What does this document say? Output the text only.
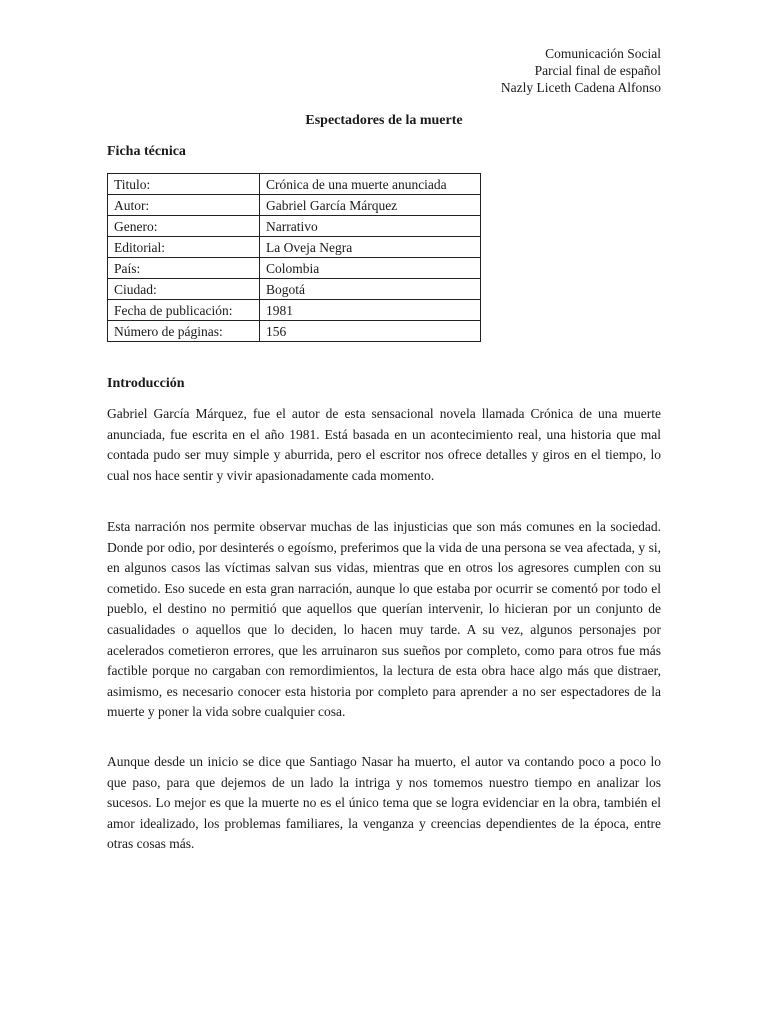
Comunicación Social
Parcial final de español
Nazly Liceth Cadena Alfonso
Espectadores de la muerte
Ficha técnica
Titulo:	Crónica de una muerte anunciada
Autor:	Gabriel García Márquez
Genero:	Narrativo
Editorial:	La Oveja Negra
País:	Colombia
Ciudad:	Bogotá
Fecha de publicación:	1981
Número de páginas:	156
Introducción

Gabriel García Márquez, fue el autor de esta sensacional novela llamada Crónica de una muerte anunciada, fue escrita en el año 1981. Está basada en un acontecimiento real, una historia que mal contada pudo ser muy simple y aburrida, pero el escritor nos ofrece detalles y giros en el tiempo, lo cual nos hace sentir y vivir apasionadamente cada momento.

Esta narración nos permite observar muchas de las injusticias que son más comunes en la sociedad. Donde por odio, por desinterés o egoísmo, preferimos que la vida de una persona se vea afectada, y si, en algunos casos las víctimas salvan sus vidas, mientras que en otros los agresores cumplen con su cometido. Eso sucede en esta gran narración, aunque lo que estaba por ocurrir se comentó por todo el pueblo, el destino no permitió que aquellos que querían intervenir, lo hicieran por un conjunto de casualidades o aquellos que lo deciden, lo hacen muy tarde. A su vez, algunos personajes por acelerados cometieron errores, que les arruinaron sus sueños por completo, como para otros fue más factible porque no cargaban con remordimientos, la lectura de esta obra hace algo más que distraer, asimismo, es necesario conocer esta historia por completo para aprender a no ser espectadores de la muerte y poner la vida sobre cualquier cosa.

Aunque desde un inicio se dice que Santiago Nasar ha muerto, el autor va contando poco a poco lo que paso, para que dejemos de un lado la intriga y nos tomemos nuestro tiempo en analizar los sucesos. Lo mejor es que la muerte no es el único tema que se logra evidenciar en la obra, también el amor idealizado, los problemas familiares, la venganza y creencias dependientes de la época, entre otras cosas más.
